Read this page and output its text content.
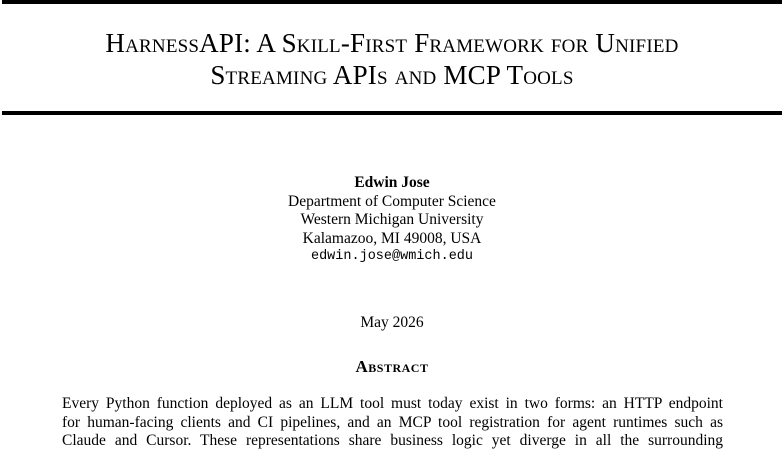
HarnessAPI: A Skill-First Framework for Unified
Streaming APIs and MCP Tools
Edwin Jose
Department of Computer Science
Western Michigan University
Kalamazoo, MI 49008, USA
edwin.jose@wmich.edu
May 2026
Abstract
Every Python function deployed as an LLM tool must today exist in two forms: an HTTP endpoint
for human-facing clients and CI pipelines, and an MCP tool registration for agent runtimes such as
Claude and Cursor. These representations share business logic yet diverge in all the surrounding
